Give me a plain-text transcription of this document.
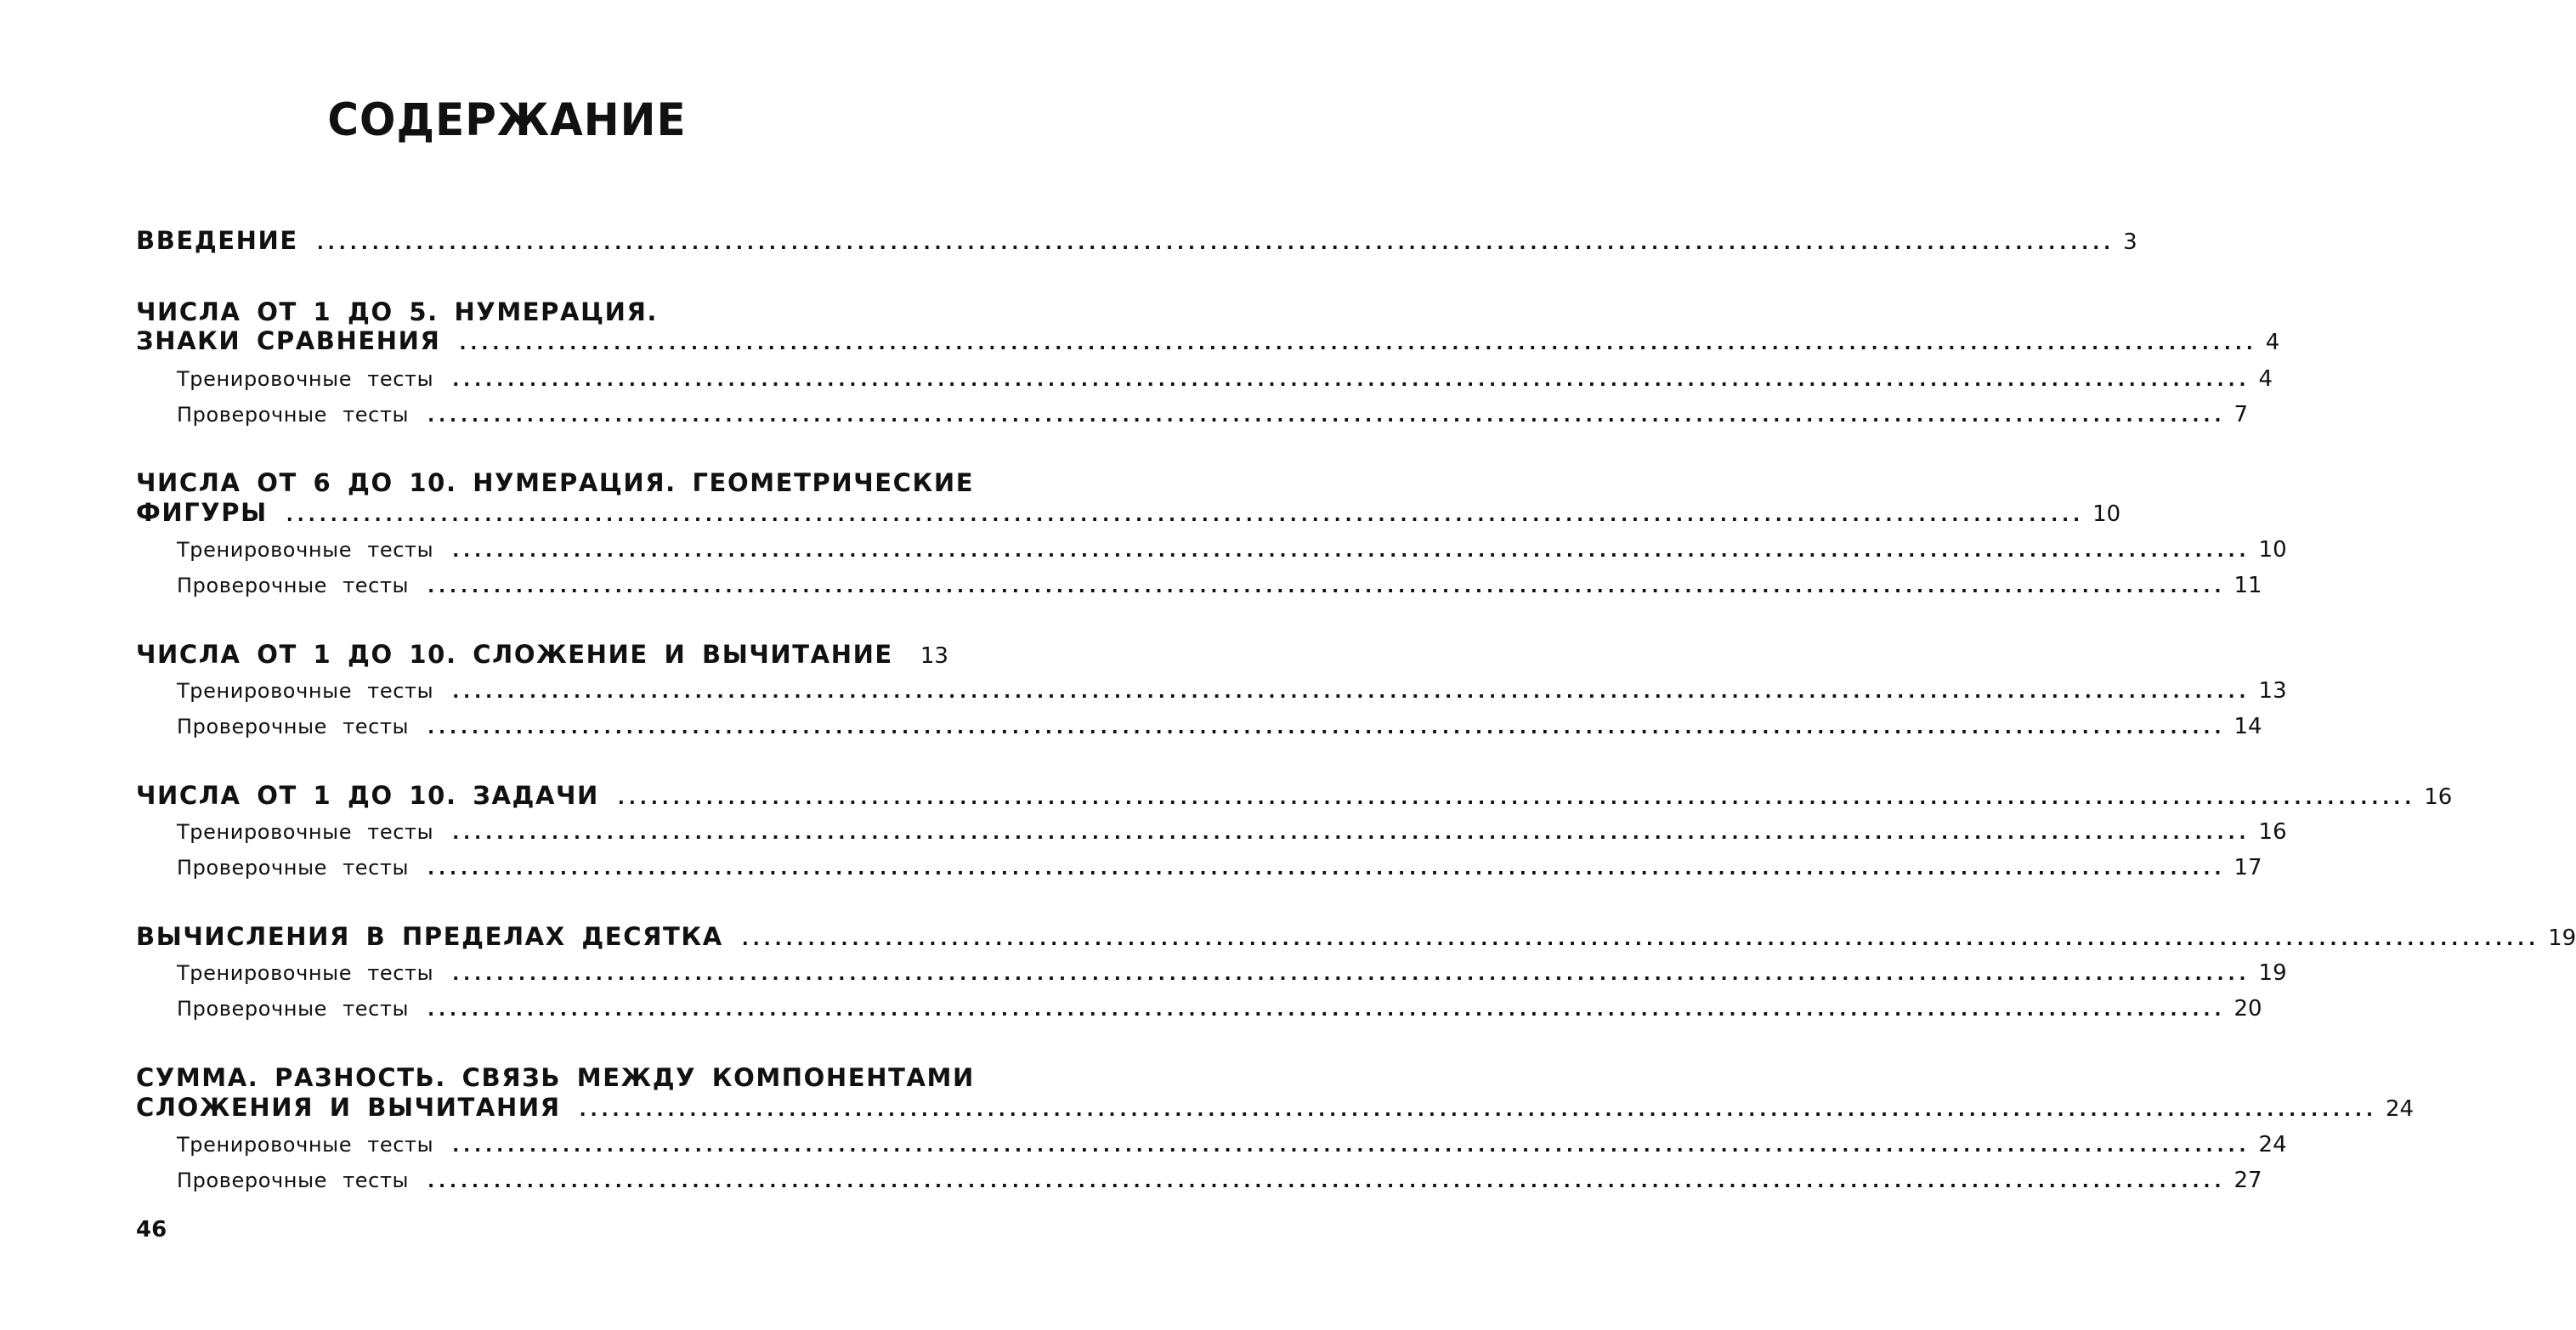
СОДЕРЖАНИЕ
ВВЕДЕНИЕ ................................................................................................................................................................... 3
ЧИСЛА ОТ 1 ДО 5. НУМЕРАЦИЯ.
ЗНАКИ СРАВНЕНИЯ ................................................................................................................................................................... 4
Тренировочные тесты ................................................................................................................................................................... 4
Проверочные тесты ................................................................................................................................................................... 7
ЧИСЛА ОТ 6 ДО 10. НУМЕРАЦИЯ. ГЕОМЕТРИЧЕСКИЕ
ФИГУРЫ ................................................................................................................................................................... 10
Тренировочные тесты ................................................................................................................................................................... 10
Проверочные тесты ................................................................................................................................................................... 11
ЧИСЛА ОТ 1 ДО 10. СЛОЖЕНИЕ И ВЫЧИТАНИЕ 13
Тренировочные тесты ................................................................................................................................................................... 13
Проверочные тесты ................................................................................................................................................................... 14
ЧИСЛА ОТ 1 ДО 10. ЗАДАЧИ ................................................................................................................................................................... 16
Тренировочные тесты ................................................................................................................................................................... 16
Проверочные тесты ................................................................................................................................................................... 17
ВЫЧИСЛЕНИЯ В ПРЕДЕЛАХ ДЕСЯТКА ................................................................................................................................................................... 19
Тренировочные тесты ................................................................................................................................................................... 19
Проверочные тесты ................................................................................................................................................................... 20
СУММА. РАЗНОСТЬ. СВЯЗЬ МЕЖДУ КОМПОНЕНТАМИ
СЛОЖЕНИЯ И ВЫЧИТАНИЯ ................................................................................................................................................................... 24
Тренировочные тесты ................................................................................................................................................................... 24
Проверочные тесты ................................................................................................................................................................... 27
46
